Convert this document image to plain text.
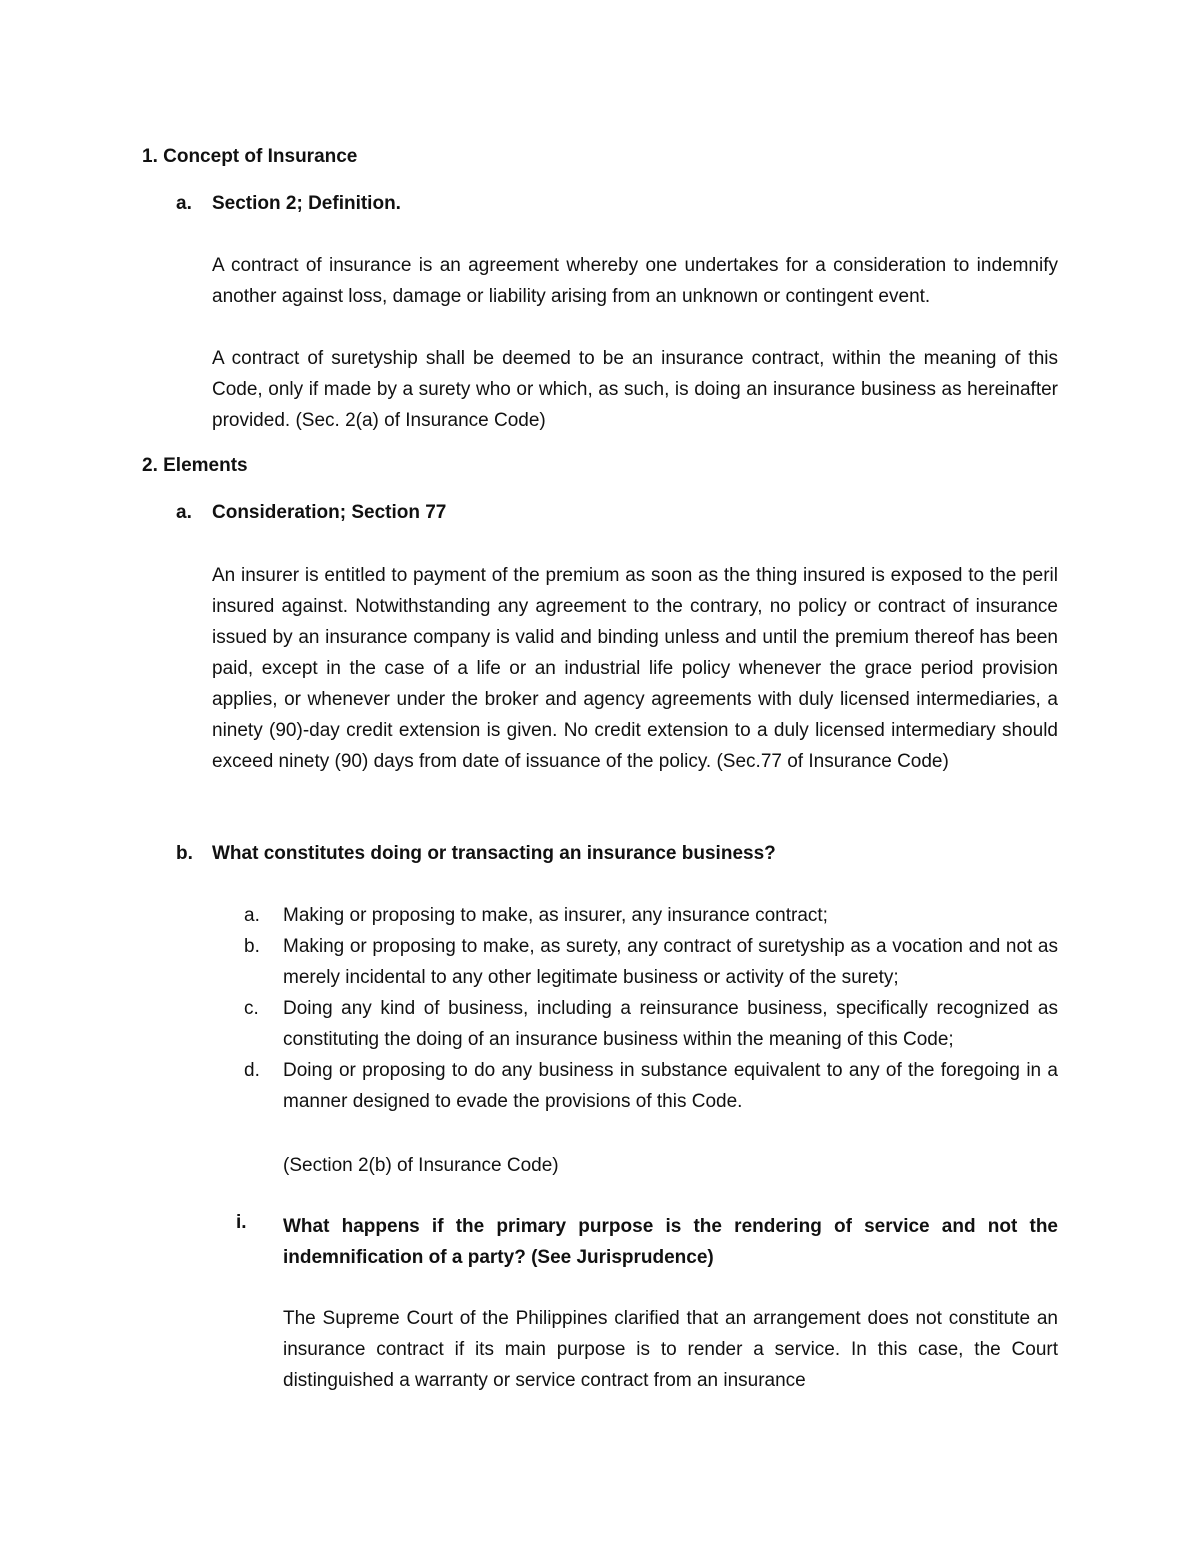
1. Concept of Insurance
a. Section 2; Definition.

A contract of insurance is an agreement whereby one undertakes for a consideration to indemnify another against loss, damage or liability arising from an unknown or contingent event.

A contract of suretyship shall be deemed to be an insurance contract, within the meaning of this Code, only if made by a surety who or which, as such, is doing an insurance business as hereinafter provided. (Sec. 2(a) of Insurance Code)

2. Elements
a. Consideration; Section 77

An insurer is entitled to payment of the premium as soon as the thing insured is exposed to the peril insured against. Notwithstanding any agreement to the contrary, no policy or contract of insurance issued by an insurance company is valid and binding unless and until the premium thereof has been paid, except in the case of a life or an industrial life policy whenever the grace period provision applies, or whenever under the broker and agency agreements with duly licensed intermediaries, a ninety (90)-day credit extension is given. No credit extension to a duly licensed intermediary should exceed ninety (90) days from date of issuance of the policy. (Sec.77 of Insurance Code)

b. What constitutes doing or transacting an insurance business?
a. Making or proposing to make, as insurer, any insurance contract;
b. Making or proposing to make, as surety, any contract of suretyship as a vocation and not as merely incidental to any other legitimate business or activity of the surety;
c. Doing any kind of business, including a reinsurance business, specifically recognized as constituting the doing of an insurance business within the meaning of this Code;
d. Doing or proposing to do any business in substance equivalent to any of the foregoing in a manner designed to evade the provisions of this Code.
(Section 2(b) of Insurance Code)
i. What happens if the primary purpose is the rendering of service and not the indemnification of a party? (See Jurisprudence)

The Supreme Court of the Philippines clarified that an arrangement does not constitute an insurance contract if its main purpose is to render a service. In this case, the Court distinguished a warranty or service contract from an insurance
